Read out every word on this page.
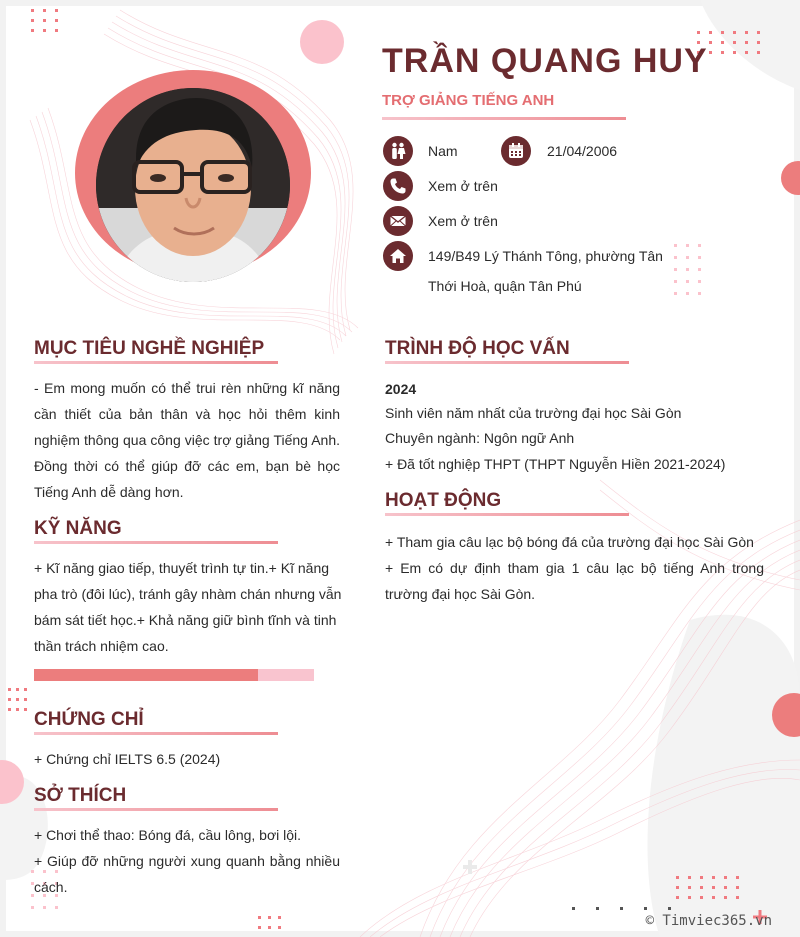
TRẦN QUANG HUY
TRỢ GIẢNG TIẾNG ANH
Nam	21/04/2006
Xem ở trên
Xem ở trên
149/B49 Lý Thánh Tông, phường Tân
Thới Hoà, quận Tân Phú
MỤC TIÊU NGHỀ NGHIỆP
- Em mong muốn có thể trui rèn những kĩ năng cần thiết của bản thân và học hỏi thêm kinh nghiệm thông qua công việc trợ giảng Tiếng Anh. Đồng thời có thể giúp đỡ các em, bạn bè học Tiếng Anh dễ dàng hơn.
KỸ NĂNG
+ Kĩ năng giao tiếp, thuyết trình tự tin.+ Kĩ năng pha trò (đôi lúc), tránh gây nhàm chán nhưng vẫn bám sát tiết học.+ Khả năng giữ bình tĩnh và tinh thần trách nhiệm cao.
CHỨNG CHỈ
+ Chứng chỉ IELTS 6.5 (2024)
SỞ THÍCH
+ Chơi thể thao: Bóng đá, cầu lông, bơi lội.
+ Giúp đỡ những người xung quanh bằng nhiều cách.
TRÌNH ĐỘ HỌC VẤN
2024
Sinh viên năm nhất của trường đại học Sài Gòn
Chuyên ngành: Ngôn ngữ Anh
+ Đã tốt nghiệp THPT (THPT Nguyễn Hiền 2021-2024)
HOẠT ĐỘNG
+ Tham gia câu lạc bộ bóng đá của trường đại học Sài Gòn
+ Em có dự định tham gia 1 câu lạc bộ tiếng Anh trong trường đại học Sài Gòn.
© Timviec365.vn
